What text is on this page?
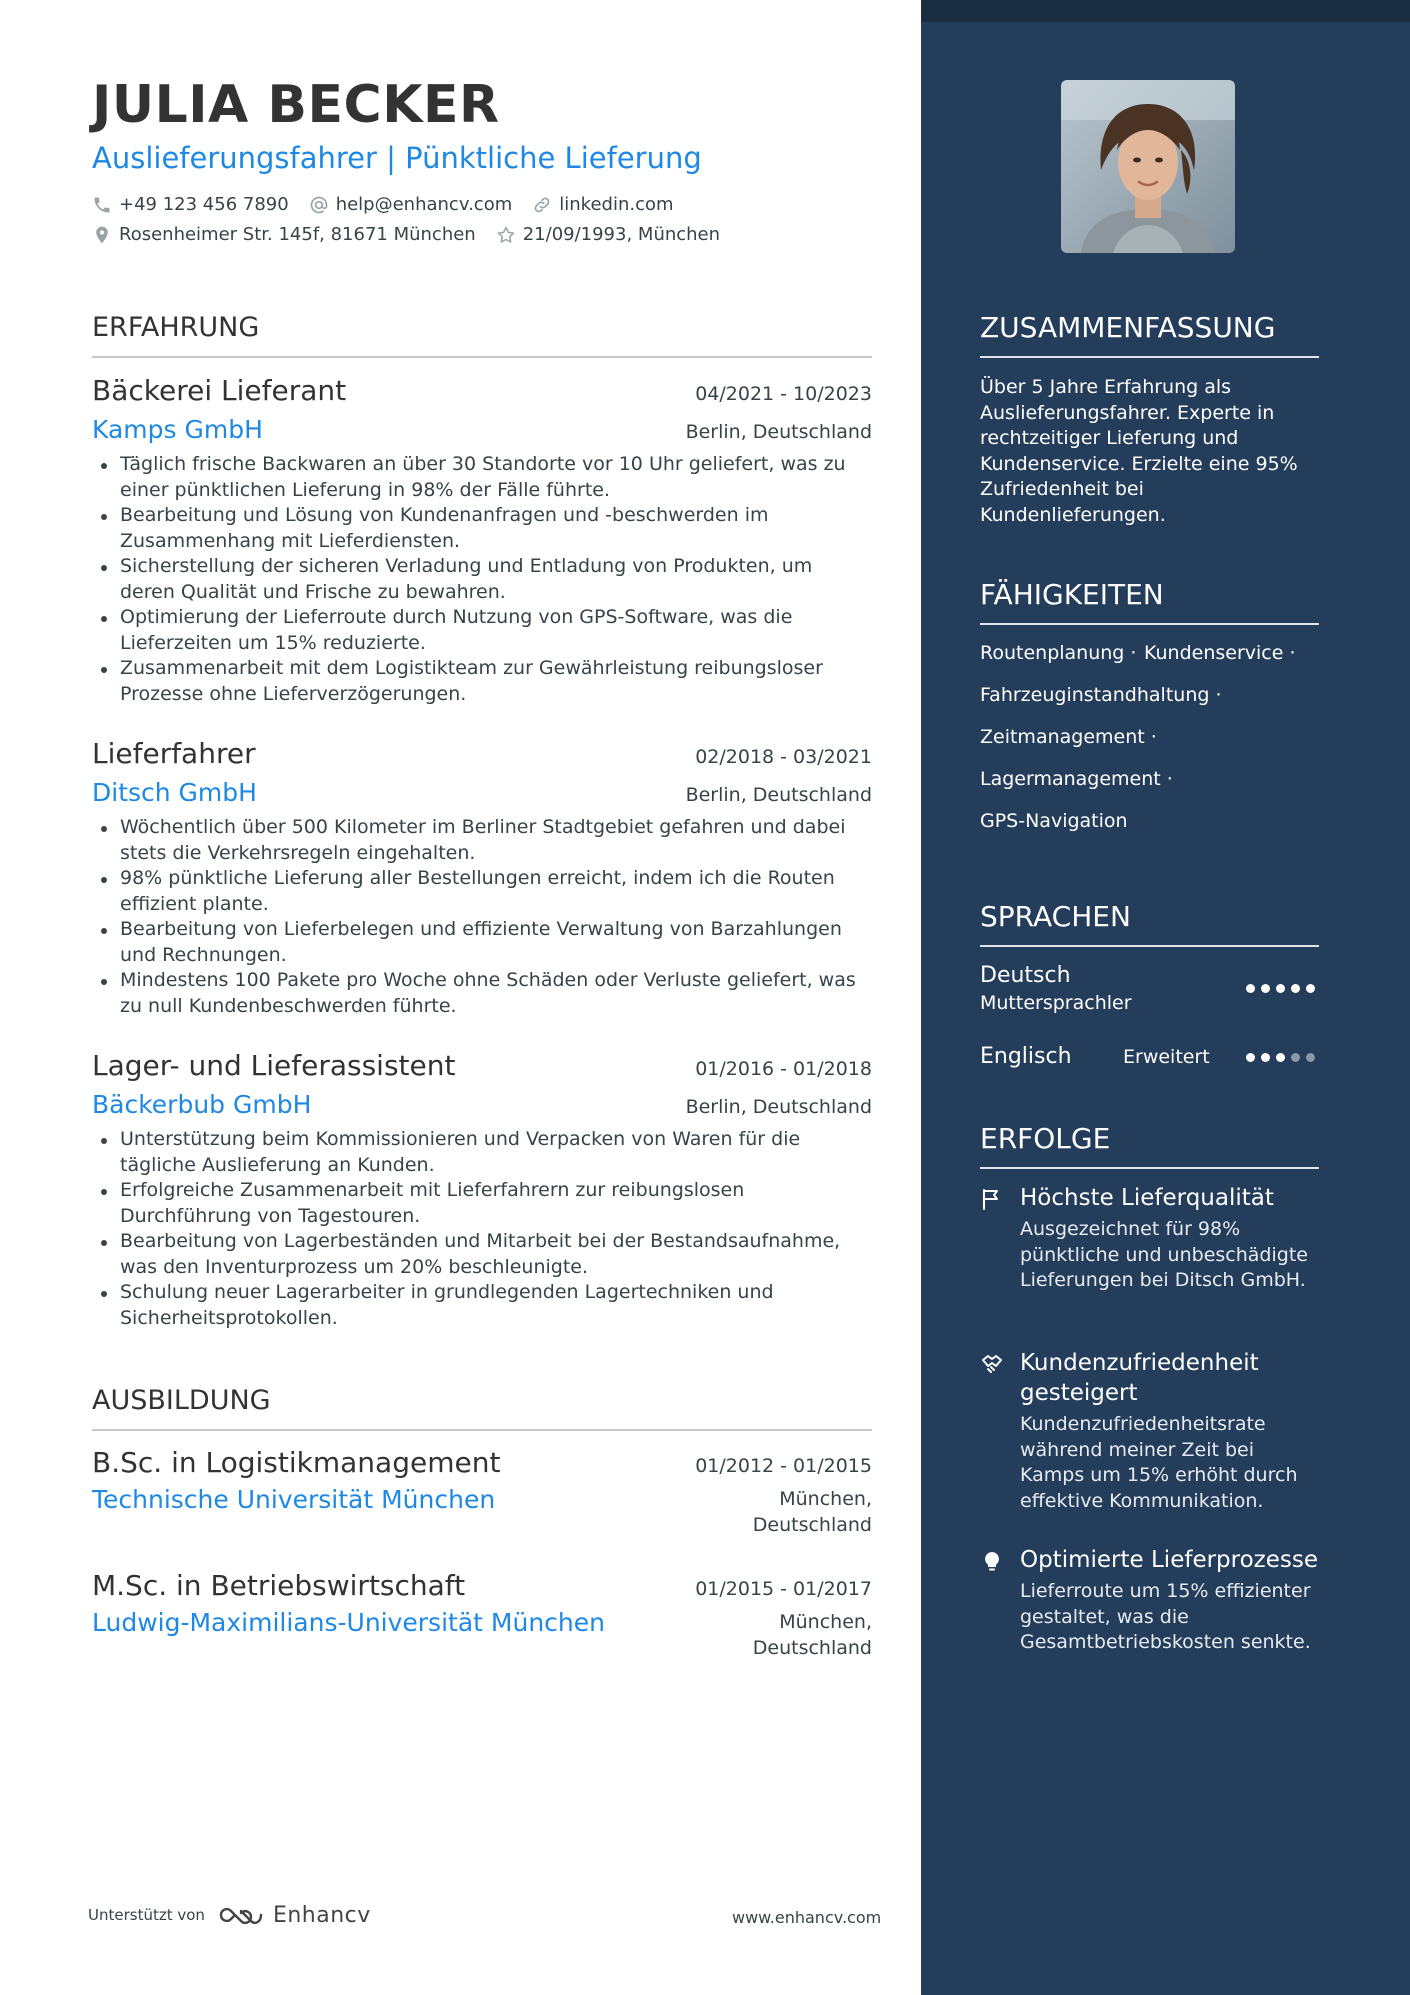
JULIA BECKER
Auslieferungsfahrer | Pünktliche Lieferung
+49 123 456 7890	help@enhancv.com	linkedin.com
Rosenheimer Str. 145f, 81671 München	21/09/1993, München
ERFAHRUNG
Bäckerei Lieferant	04/2021 - 10/2023
Kamps GmbH	Berlin, Deutschland
Täglich frische Backwaren an über 30 Standorte vor 10 Uhr geliefert, was zu einer pünktlichen Lieferung in 98% der Fälle führte.
Bearbeitung und Lösung von Kundenanfragen und -beschwerden im Zusammenhang mit Lieferdiensten.
Sicherstellung der sicheren Verladung und Entladung von Produkten, um deren Qualität und Frische zu bewahren.
Optimierung der Lieferroute durch Nutzung von GPS-Software, was die Lieferzeiten um 15% reduzierte.
Zusammenarbeit mit dem Logistikteam zur Gewährleistung reibungsloser Prozesse ohne Lieferverzögerungen.
Lieferfahrer	02/2018 - 03/2021
Ditsch GmbH	Berlin, Deutschland
Wöchentlich über 500 Kilometer im Berliner Stadtgebiet gefahren und dabei stets die Verkehrsregeln eingehalten.
98% pünktliche Lieferung aller Bestellungen erreicht, indem ich die Routen effizient plante.
Bearbeitung von Lieferbelegen und effiziente Verwaltung von Barzahlungen und Rechnungen.
Mindestens 100 Pakete pro Woche ohne Schäden oder Verluste geliefert, was zu null Kundenbeschwerden führte.
Lager- und Lieferassistent	01/2016 - 01/2018
Bäckerbub GmbH	Berlin, Deutschland
Unterstützung beim Kommissionieren und Verpacken von Waren für die tägliche Auslieferung an Kunden.
Erfolgreiche Zusammenarbeit mit Lieferfahrern zur reibungslosen Durchführung von Tagestouren.
Bearbeitung von Lagerbeständen und Mitarbeit bei der Bestandsaufnahme, was den Inventurprozess um 20% beschleunigte.
Schulung neuer Lagerarbeiter in grundlegenden Lagertechniken und Sicherheitsprotokollen.
AUSBILDUNG
B.Sc. in Logistikmanagement	01/2012 - 01/2015
Technische Universität München	München,
Deutschland
M.Sc. in Betriebswirtschaft	01/2015 - 01/2017
Ludwig-Maximilians-Universität München	München,
Deutschland
Unterstützt von	Enhancv	www.enhancv.com
ZUSAMMENFASSUNG
Über 5 Jahre Erfahrung als Auslieferungsfahrer. Experte in rechtzeitiger Lieferung und Kundenservice. Erzielte eine 95% Zufriedenheit bei Kundenlieferungen.
FÄHIGKEITEN
Routenplanung · Kundenservice ·
Fahrzeuginstandhaltung ·
Zeitmanagement ·
Lagermanagement ·
GPS-Navigation
SPRACHEN
Deutsch
Muttersprachler
Englisch	Erweitert
ERFOLGE
Höchste Lieferqualität
Ausgezeichnet für 98% pünktliche und unbeschädigte Lieferungen bei Ditsch GmbH.
Kundenzufriedenheit gesteigert
Kundenzufriedenheitsrate während meiner Zeit bei Kamps um 15% erhöht durch effektive Kommunikation.
Optimierte Lieferprozesse
Lieferroute um 15% effizienter gestaltet, was die Gesamtbetriebskosten senkte.
